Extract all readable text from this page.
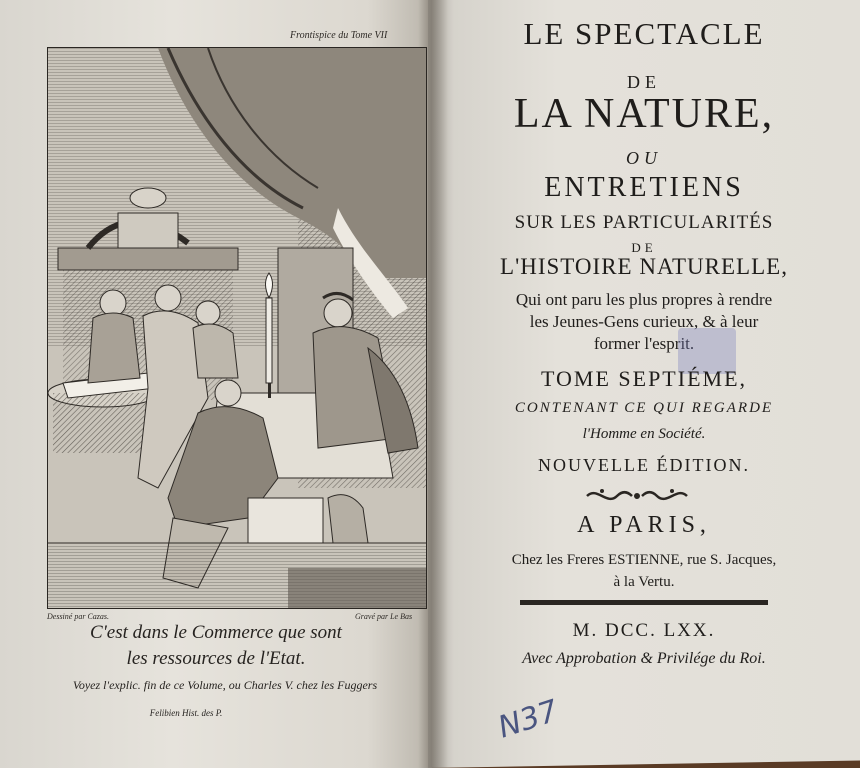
Frontispice du Tome VII
Dessiné par Cazas.	Gravé par Le Bas
C'est dans le Commerce que sont
les ressources de l'Etat.
Voyez l'explic. fin de ce Volume, ou Charles V. chez les Fuggers
Felibien Hist. des P.
LE SPECTACLE
DE
LA NATURE,
OU
ENTRETIENS
SUR LES PARTICULARITÉS
DE
L'HISTOIRE NATURELLE,
Qui ont paru les plus propres à rendre
les Jeunes-Gens curieux, & à leur
former l'esprit.
TOME SEPTIÉME,
CONTENANT CE QUI REGARDE
l'Homme en Société.
NOUVELLE ÉDITION.
A PARIS,
Chez les Freres ESTIENNE, rue S. Jacques,
à la Vertu.
M. DCC. LXX.
Avec Approbation & Privilége du Roi.
N37
